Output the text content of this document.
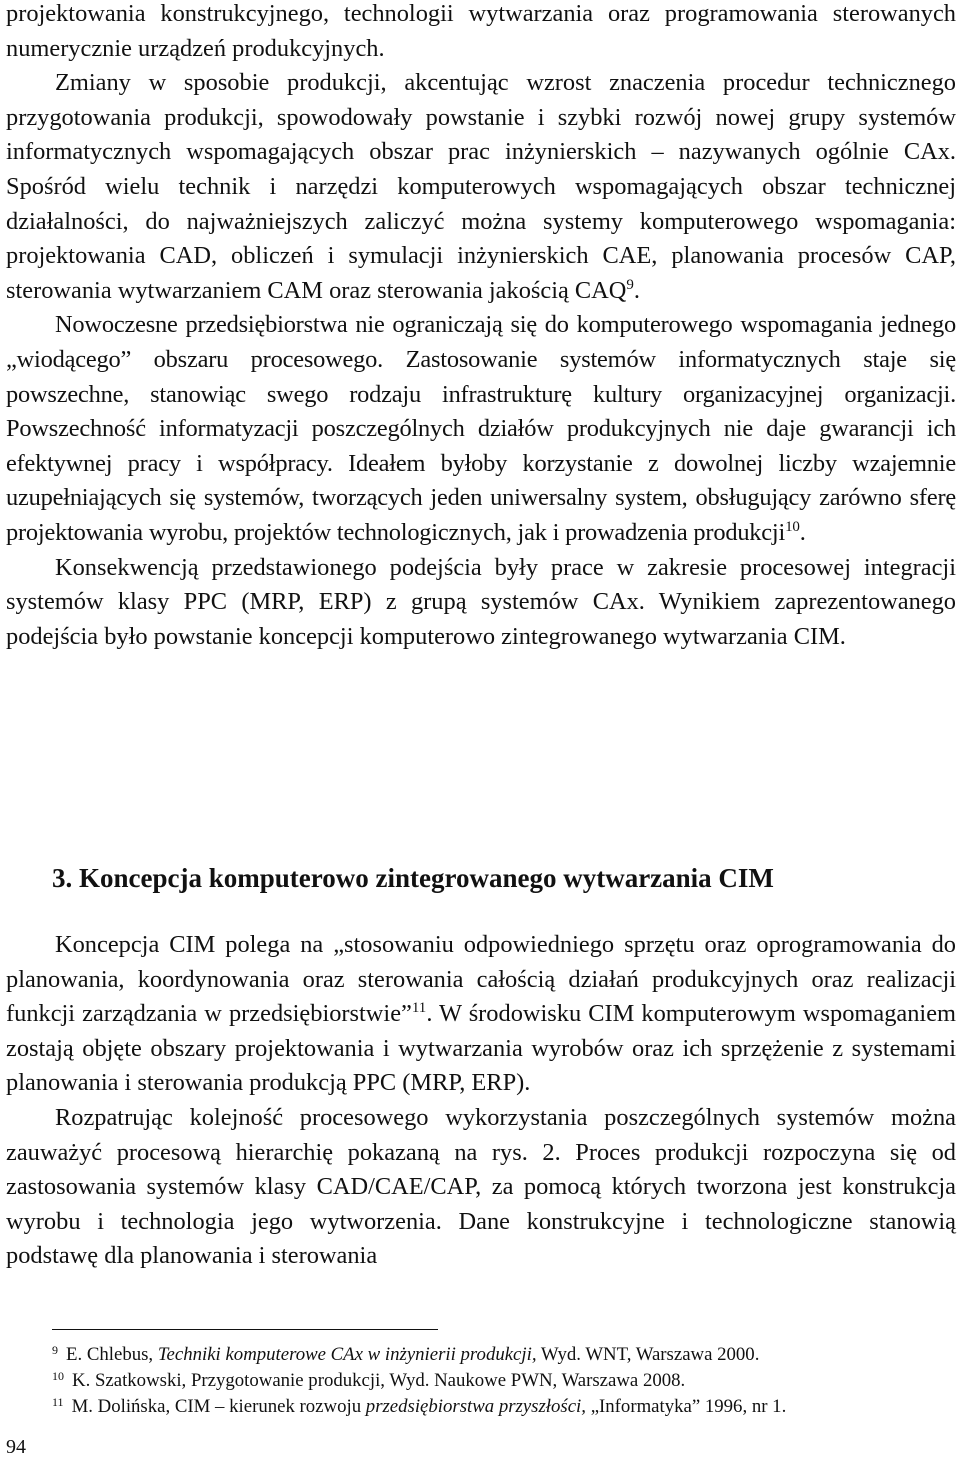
projektowania konstrukcyjnego, technologii wytwarzania oraz programowania sterowanych numerycznie urządzeń produkcyjnych.

Zmiany w sposobie produkcji, akcentując wzrost znaczenia procedur technicznego przygotowania produkcji, spowodowały powstanie i szybki rozwój nowej grupy systemów informatycznych wspomagających obszar prac inżynierskich – nazywanych ogólnie CAx. Spośród wielu technik i narzędzi komputerowych wspomagających obszar technicznej działalności, do najważniejszych zaliczyć można systemy komputerowego wspomagania: projektowania CAD, obliczeń i symulacji inżynierskich CAE, planowania procesów CAP, sterowania wytwarzaniem CAM oraz sterowania jakością CAQ$^9$.

Nowoczesne przedsiębiorstwa nie ograniczają się do komputerowego wspomagania jednego „wiodącego” obszaru procesowego. Zastosowanie systemów informatycznych staje się powszechne, stanowiąc swego rodzaju infrastrukturę kultury organizacyjnej organizacji. Powszechność informatyzacji poszczególnych działów produkcyjnych nie daje gwarancji ich efektywnej pracy i współpracy. Ideałem byłoby korzystanie z dowolnej liczby wzajemnie uzupełniających się systemów, tworzących jeden uniwersalny system, obsługujący zarówno sferę projektowania wyrobu, projektów technologicznych, jak i prowadzenia produkcji$^{10}$.

Konsekwencją przedstawionego podejścia były prace w zakresie procesowej integracji systemów klasy PPC (MRP, ERP) z grupą systemów CAx. Wynikiem zaprezentowanego podejścia było powstanie koncepcji komputerowo zintegrowanego wytwarzania CIM.

3. Koncepcja komputerowo zintegrowanego wytwarzania CIM

Koncepcja CIM polega na „stosowaniu odpowiedniego sprzętu oraz oprogramowania do planowania, koordynowania oraz sterowania całością działań produkcyjnych oraz realizacji funkcji zarządzania w przedsiębiorstwie”$^{11}$. W środowisku CIM komputerowym wspomaganiem zostają objęte obszary projektowania i wytwarzania wyrobów oraz ich sprzężenie z systemami planowania i sterowania produkcją PPC (MRP, ERP).

Rozpatrując kolejność procesowego wykorzystania poszczególnych systemów można zauważyć procesową hierarchię pokazaną na rys. 2. Proces produkcji rozpoczyna się od zastosowania systemów klasy CAD/CAE/CAP, za pomocą których tworzona jest konstrukcja wyrobu i technologia jego wytworzenia. Dane konstrukcyjne i technologiczne stanowią podstawę dla planowania i sterowania

$^9$ E. Chlebus, Techniki komputerowe CAx w inżynierii produkcji, Wyd. WNT, Warszawa 2000.
$^{10}$ K. Szatkowski, Przygotowanie produkcji, Wyd. Naukowe PWN, Warszawa 2008.
$^{11}$ M. Dolińska, CIM – kierunek rozwoju przedsiębiorstwa przyszłości, „Informatyka” 1996, nr 1.
94
